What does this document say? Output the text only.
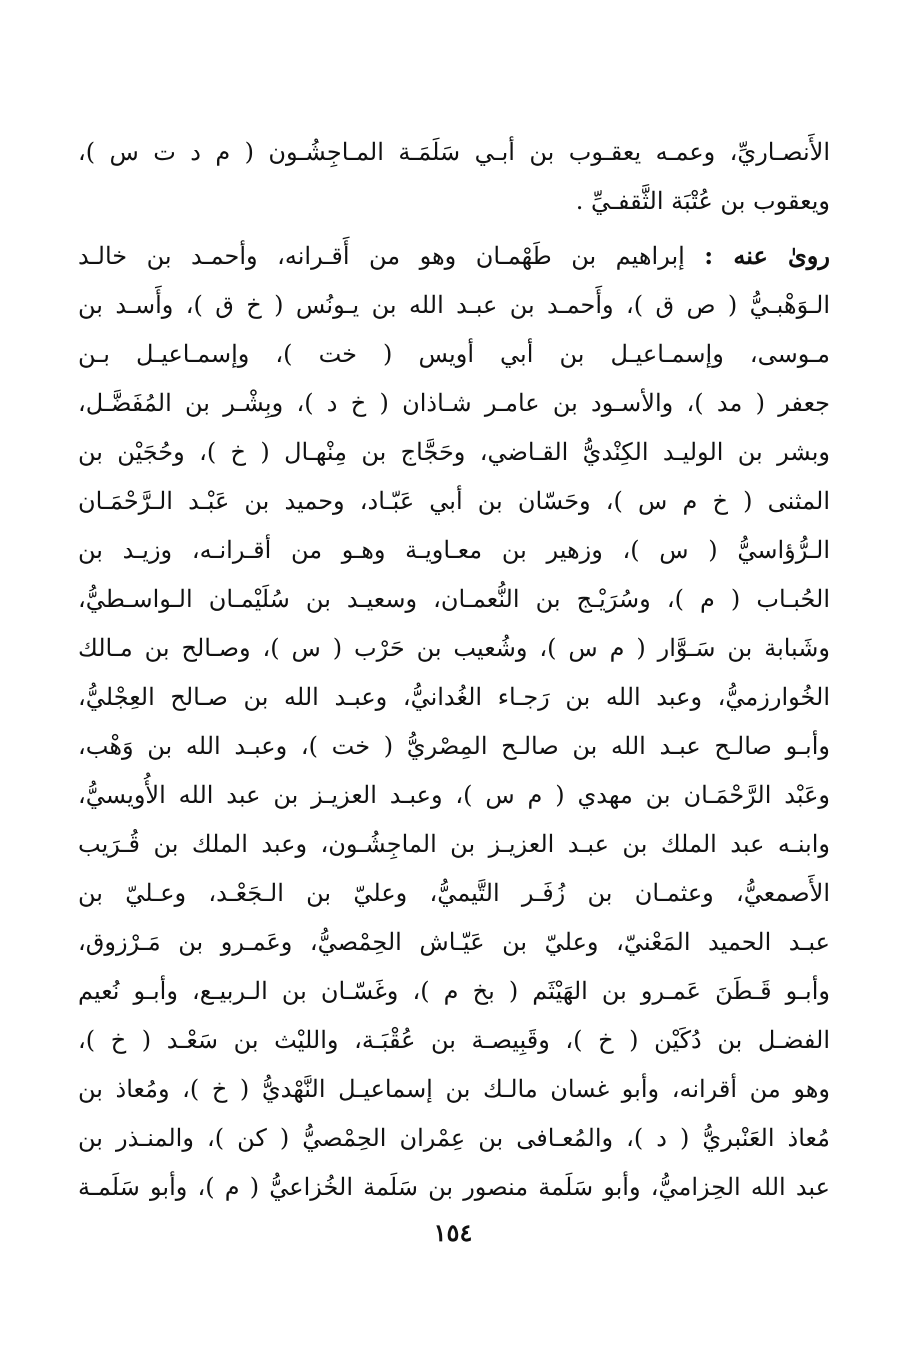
الأَنصـاريِّ، وعمـه يعقـوب بن أبـي سَلَمَـة المـاجِشُـون ( م د ت س )،
ويعقوب بن عُتْبَة الثَّقفـيِّ .
روىٰ عنه : إبراهيم بن طَهْمـان وهو من أَقـرانه، وأحمـد بن خالـد
الـوَهْبـيُّ ( ص ق )، وأَحمـد بن عبـد الله بن يـونُس ( خ ق )، وأَسـد بن
مـوسى، وإسمـاعيـل بن أبي أويس ( خت )، وإسمـاعيـل بـن
جعفر ( مد )، والأسـود بن عامـر شـاذان ( خ د )، وبِشْـر بن المُفَضَّـل،
وبشر بن الوليـد الكِنْديُّ القـاضي، وحَجَّاج بن مِنْهـال ( خ )، وحُجَيْن بن
المثنى ( خ م س )، وحَسّان بن أبي عَبّـاد، وحميد بن عَبْـد الـرَّحْمَـان
الـرُّؤاسيُّ ( س )، وزهير بن معـاويـة وهـو من أقـرانـه، وزيـد بن
الحُبـاب ( م )، وسُرَيْـج بن النُّعمـان، وسعيـد بن سُلَيْمـان الـواسـطيُّ،
وشَبابة بن سَـوَّار ( م س )، وشُعيب بن حَرْب ( س )، وصـالح بن مـالك
الخُوارزميُّ، وعبد الله بن رَجـاء الغُدانيُّ، وعبـد الله بن صـالح العِجْليُّ،
وأبـو صالـح عبـد الله بن صالـح المِصْريُّ ( خت )، وعبـد الله بن وَهْب،
وعَبْد الرَّحْمَـان بن مهدي ( م س )، وعبـد العزيـز بن عبد الله الأُويسيُّ،
وابنـه عبد الملك بن عبـد العزيـز بن الماجِشُـون، وعبد الملك بن قُـرَيب
الأَصمعيُّ، وعثمـان بن زُفَـر التَّيميُّ، وعليّ بن الـجَعْـد، وعـليّ بن
عبـد الحميد المَعْنيّ، وعليّ بن عَيّـاش الحِمْصيُّ، وعَمـرو بن مَـرْزوق،
وأبـو قَـطَنَ عَمـرو بن الهَيْثَم ( بخ م )، وغَسّـان بن الـربيـع، وأبـو نُعيم
الفضـل بن دُكَيْن ( خ )، وقَبِيصـة بن عُقْبَـة، والليْث بن سَعْـد ( خ )،
وهو من أقرانه، وأبو غسان مالـك بن إسماعيـل النَّهْديُّ ( خ )، ومُعاذ بن
مُعاذ العَنْبريُّ ( د )، والمُعـافى بن عِمْران الحِمْصيُّ ( كن )، والمنـذر بن
عبد الله الحِزاميُّ، وأبو سَلَمة منصور بن سَلَمة الخُزاعيُّ ( م )، وأبو سَلَمـة
١٥٤
